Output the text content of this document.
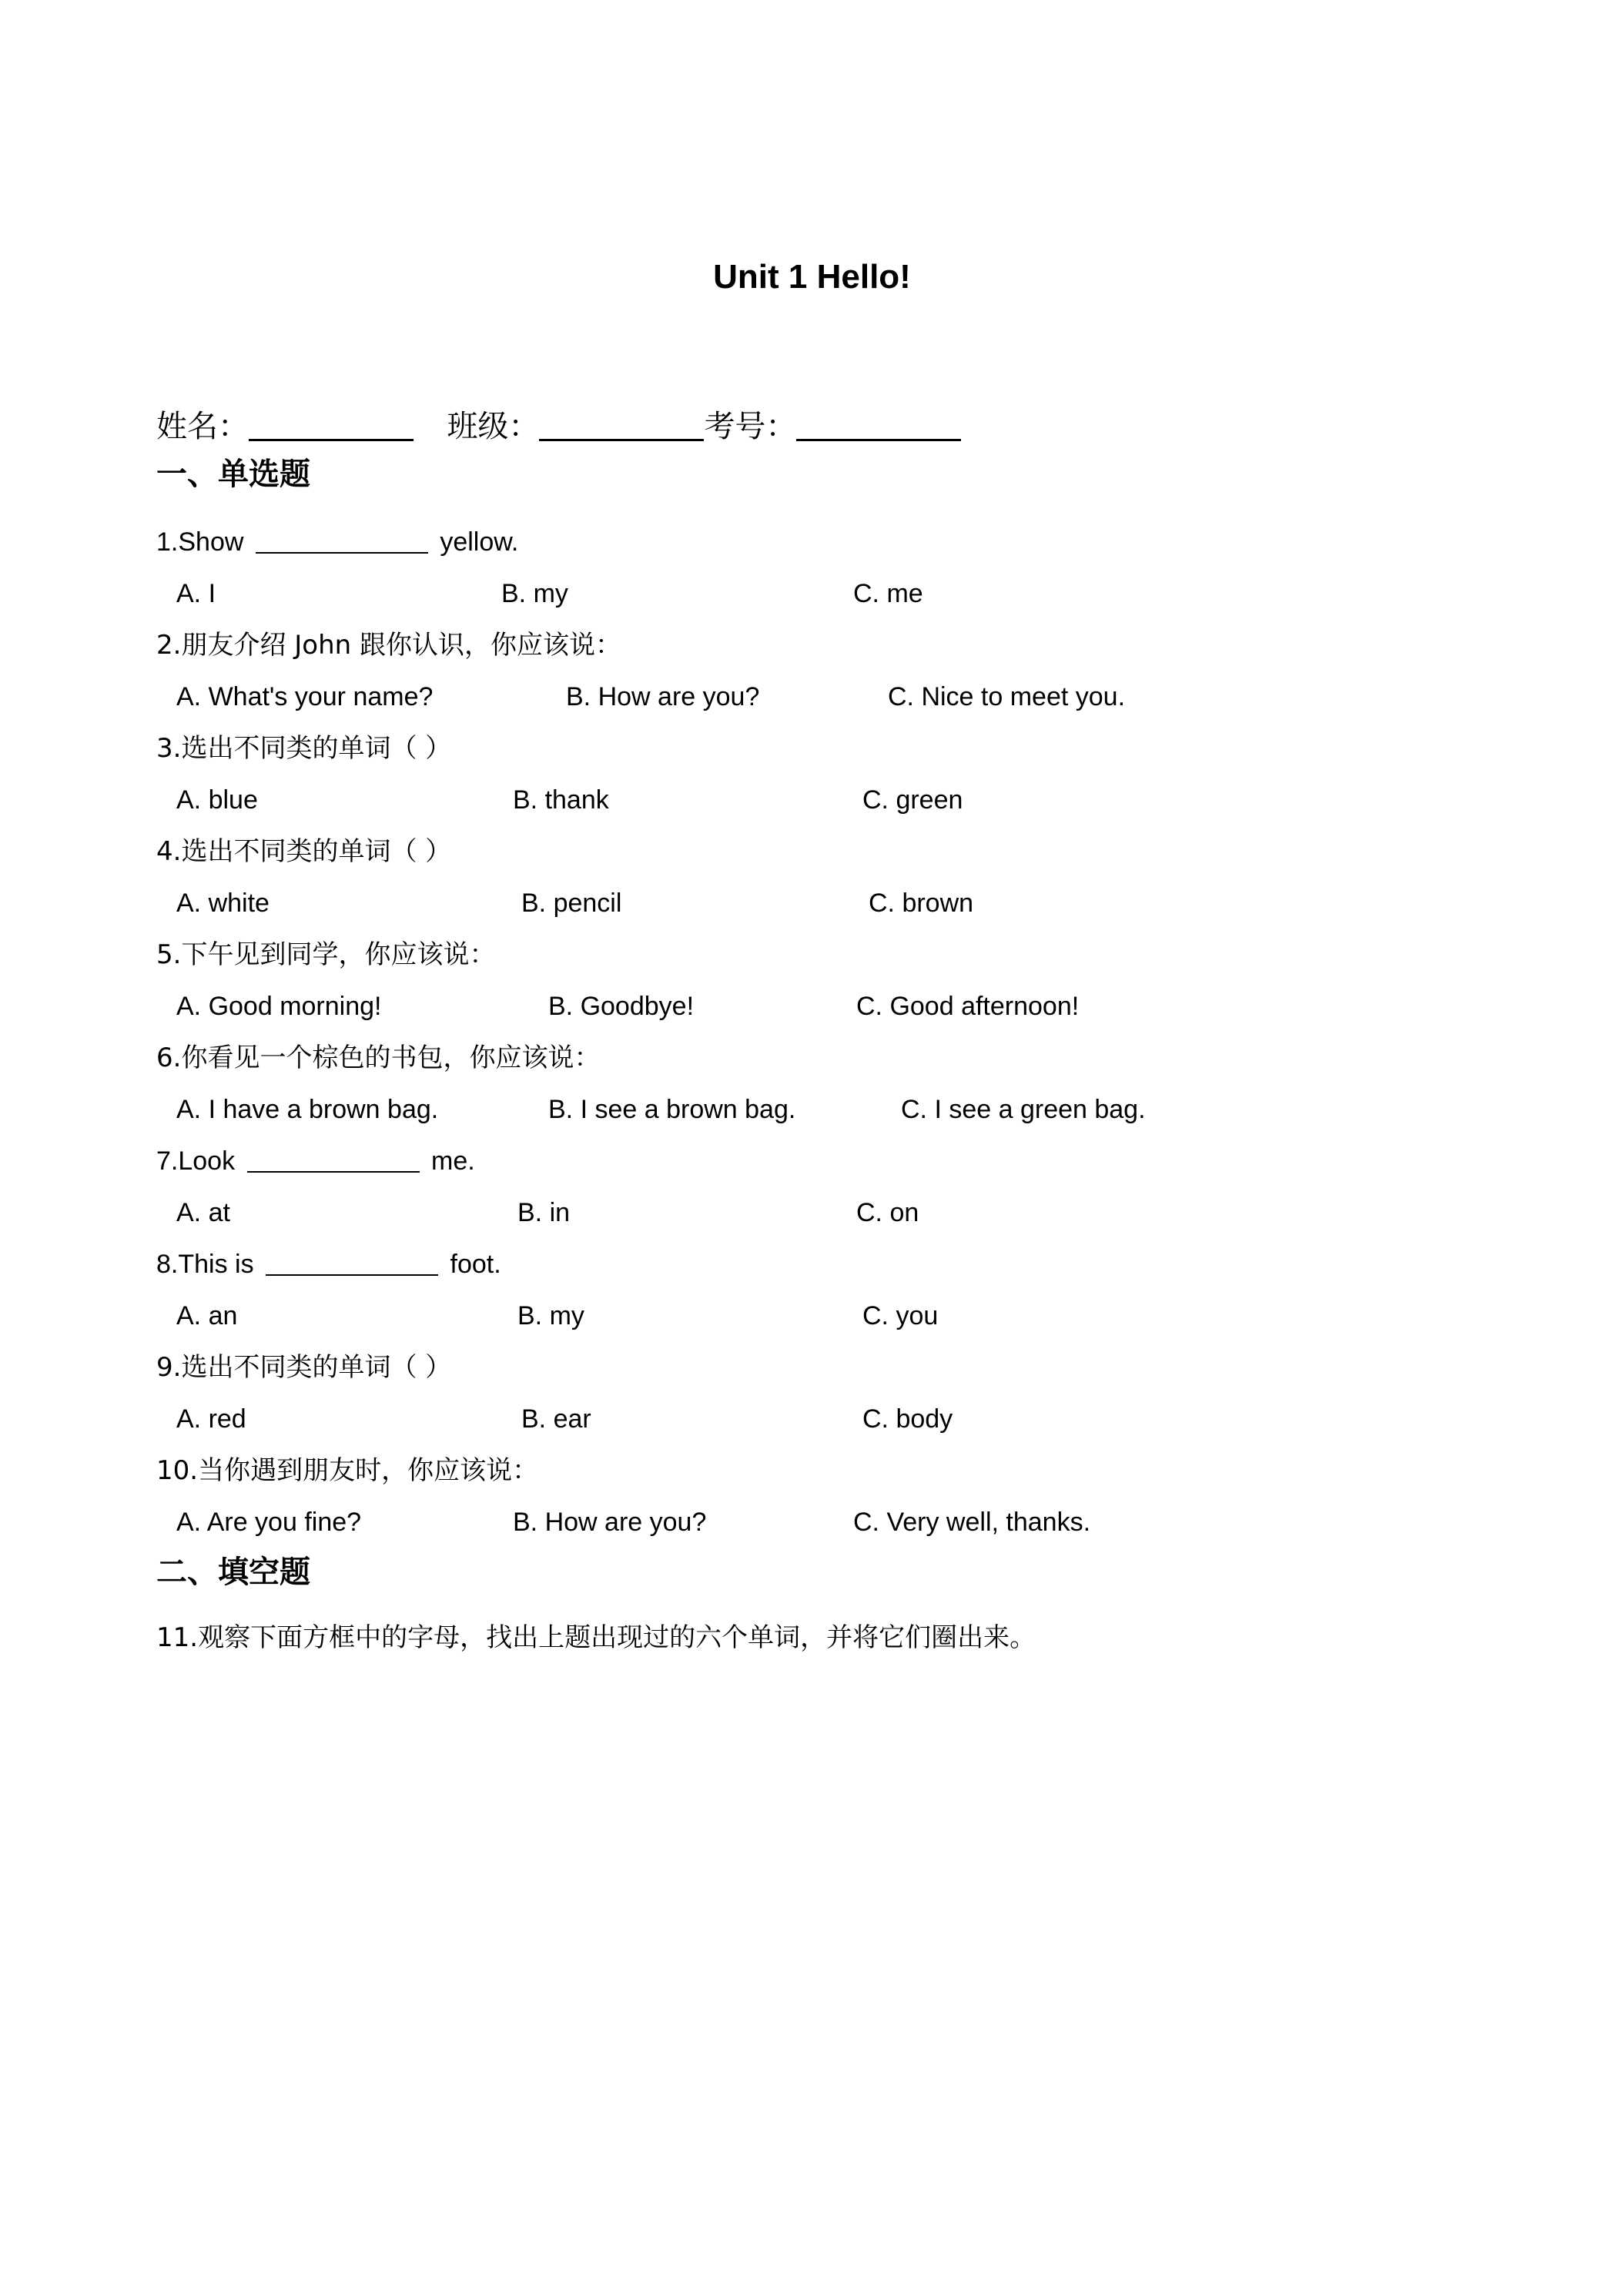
Unit 1 Hello!
姓名：	班级：	考号：
一、单选题
1.Show	yellow.
A. I	B. my	C. me
2.朋友介绍 John 跟你认识，你应该说：
A. What's your name?	B. How are you?	C. Nice to meet you.
3.选出不同类的单词（ ）
A. blue	B. thank	C. green
4.选出不同类的单词（ ）
A. white	B. pencil	C. brown
5.下午见到同学，你应该说：
A. Good morning!	B. Goodbye!	C. Good afternoon!
6.你看见一个棕色的书包，你应该说：
A. I have a brown bag.	B. I see a brown bag.	C. I see a green bag.
7.Look	me.
A. at	B. in	C. on
8.This is	foot.
A. an	B. my	C. you
9.选出不同类的单词（ ）
A. red	B. ear	C. body
10.当你遇到朋友时，你应该说：
A. Are you fine?	B. How are you?	C. Very well, thanks.
二、填空题
11.观察下面方框中的字母，找出上题出现过的六个单词，并将它们圈出来。
